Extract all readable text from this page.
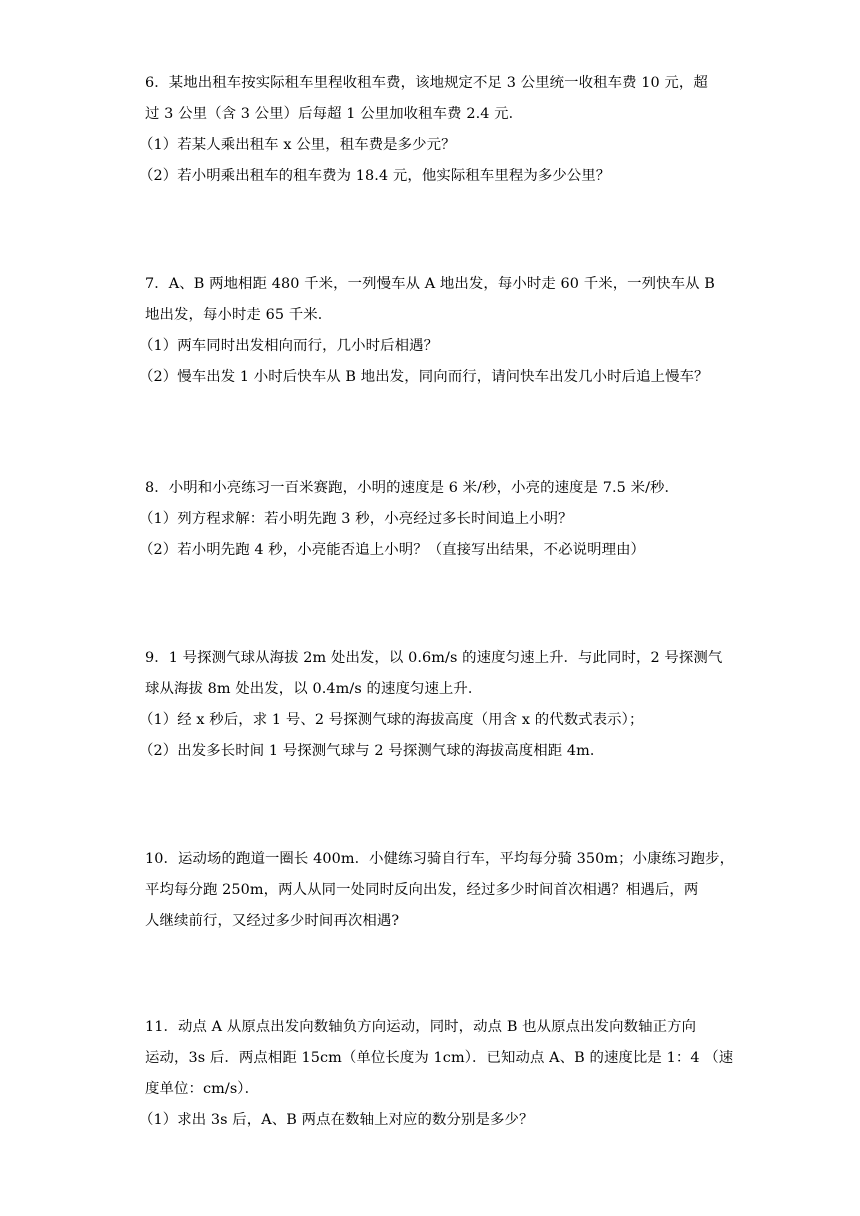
6．某地出租车按实际租车里程收租车费，该地规定不足 3 公里统一收租车费 10 元，超
过 3 公里（含 3 公里）后每超 1 公里加收租车费 2.4 元．
（1）若某人乘出租车 x 公里，租车费是多少元？
（2）若小明乘出租车的租车费为 18.4 元，他实际租车里程为多少公里？
7．A、B 两地相距 480 千米，一列慢车从 A 地出发，每小时走 60 千米，一列快车从 B
地出发，每小时走 65 千米．
（1）两车同时出发相向而行，几小时后相遇？
（2）慢车出发 1 小时后快车从 B 地出发，同向而行，请问快车出发几小时后追上慢车？
8．小明和小亮练习一百米赛跑，小明的速度是 6 米/秒，小亮的速度是 7.5 米/秒．
（1）列方程求解：若小明先跑 3 秒，小亮经过多长时间追上小明？
（2）若小明先跑 4 秒，小亮能否追上小明？（直接写出结果，不必说明理由）
9．1 号探测气球从海拔 2m 处出发，以 0.6m/s 的速度匀速上升．与此同时，2 号探测气
球从海拔 8m 处出发，以 0.4m/s 的速度匀速上升．
（1）经 x 秒后，求 1 号、2 号探测气球的海拔高度（用含 x 的代数式表示）；
（2）出发多长时间 1 号探测气球与 2 号探测气球的海拔高度相距 4m．
10．运动场的跑道一圈长 400m．小健练习骑自行车，平均每分骑 350m；小康练习跑步，
平均每分跑 250m，两人从同一处同时反向出发，经过多少时间首次相遇？相遇后，两
人继续前行，又经过多少时间再次相遇?
11．动点 A 从原点出发向数轴负方向运动，同时，动点 B 也从原点出发向数轴正方向
运动，3s 后．两点相距 15cm（单位长度为 1cm）．已知动点 A、B 的速度比是 1：4 （速
度单位：cm/s）．
（1）求出 3s 后，A、B 两点在数轴上对应的数分别是多少？
